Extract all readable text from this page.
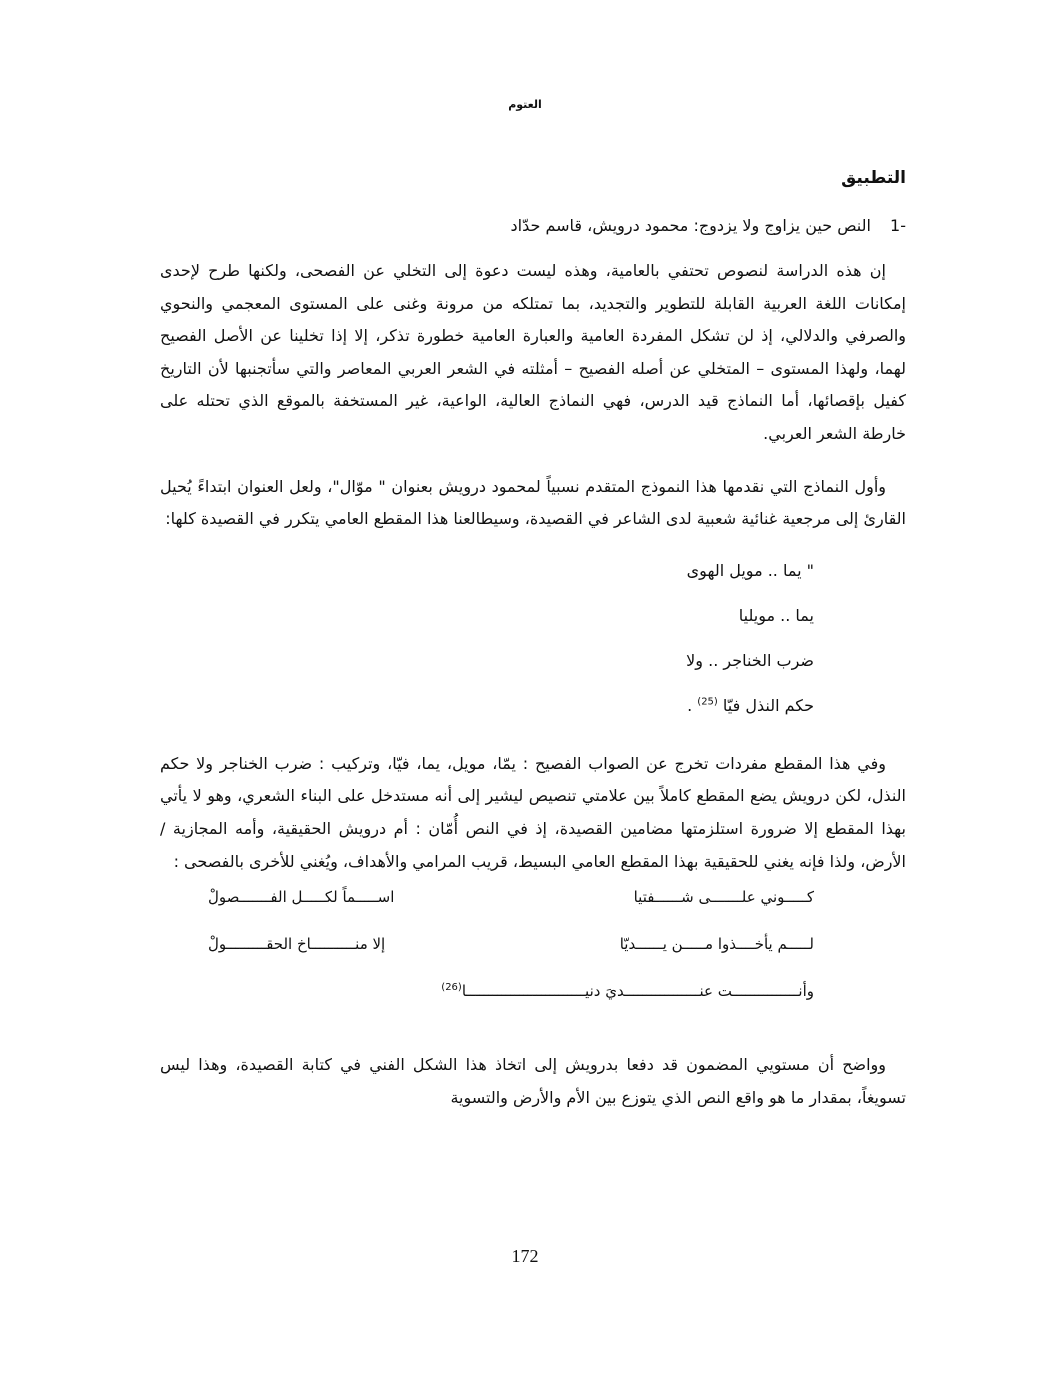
العتوم
التطبيق
-1 النص حين يزاوج ولا يزدوج: محمود درويش، قاسم حدّاد

إن هذه الدراسة لنصوص تحتفي بالعامية، وهذه ليست دعوة إلى التخلي عن الفصحى، ولكنها طرح لإحدى إمكانات اللغة العربية القابلة للتطوير والتجديد، بما تمتلكه من مرونة وغنى على المستوى المعجمي والنحوي والصرفي والدلالي، إذ لن تشكل المفردة العامية والعبارة العامية خطورة تذكر، إلا إذا تخلينا عن الأصل الفصيح لهما، ولهذا المستوى – المتخلي عن أصله الفصيح – أمثلته في الشعر العربي المعاصر والتي سأتجنبها لأن التاريخ كفيل بإقصائها، أما النماذج قيد الدرس، فهي النماذج العالية، الواعية، غير المستخفة بالموقع الذي تحتله على خارطة الشعر العربي.

وأول النماذج التي نقدمها هذا النموذج المتقدم نسبياً لمحمود درويش بعنوان " موّال"، ولعل العنوان ابتداءً يُحيل القارئ إلى مرجعية غنائية شعبية لدى الشاعر في القصيدة، وسيطالعنا هذا المقطع العامي يتكرر في القصيدة كلها:

" يما .. مويل الهوى
يما .. مويليا
ضرب الخناجر .. ولا
حكم النذل فيّا $^{(25)}$ .

وفي هذا المقطع مفردات تخرج عن الصواب الفصيح : يمّا، مويل، يما، فيّا، وتركيب : ضرب الخناجر ولا حكم النذل، لكن درويش يضع المقطع كاملاً بين علامتي تنصيص ليشير إلى أنه مستدخل على البناء الشعري، وهو لا يأتي بهذا المقطع إلا ضرورة استلزمتها مضامين القصيدة، إذ في النص أُمّان : أم درويش الحقيقية، وأمه المجازية / الأرض، ولذا فإنه يغني للحقيقية بهذا المقطع العامي البسيط، قريب المرامي والأهداف، ويُغني للأخرى بالفصحى :

كـــــوني علـــــــى شــــــفتيا
اســـــماً لكـــــل الفـــــــصولْ
لـــــم يأخــــذوا مـــــن يــــــديّا
إلا منــــــــــاخ الحقـــــــــولْ
وأنـــــــــــــــت عنـــــــــــــــــديَ دنيـــــــــــــــــــــــــــا$^{(26)}$

وواضح أن مستويي المضمون قد دفعا بدرويش إلى اتخاذ هذا الشكل الفني في كتابة القصيدة، وهذا ليس تسويغاً، بمقدار ما هو واقع النص الذي يتوزع بين الأم والأرض والتسوية

172
